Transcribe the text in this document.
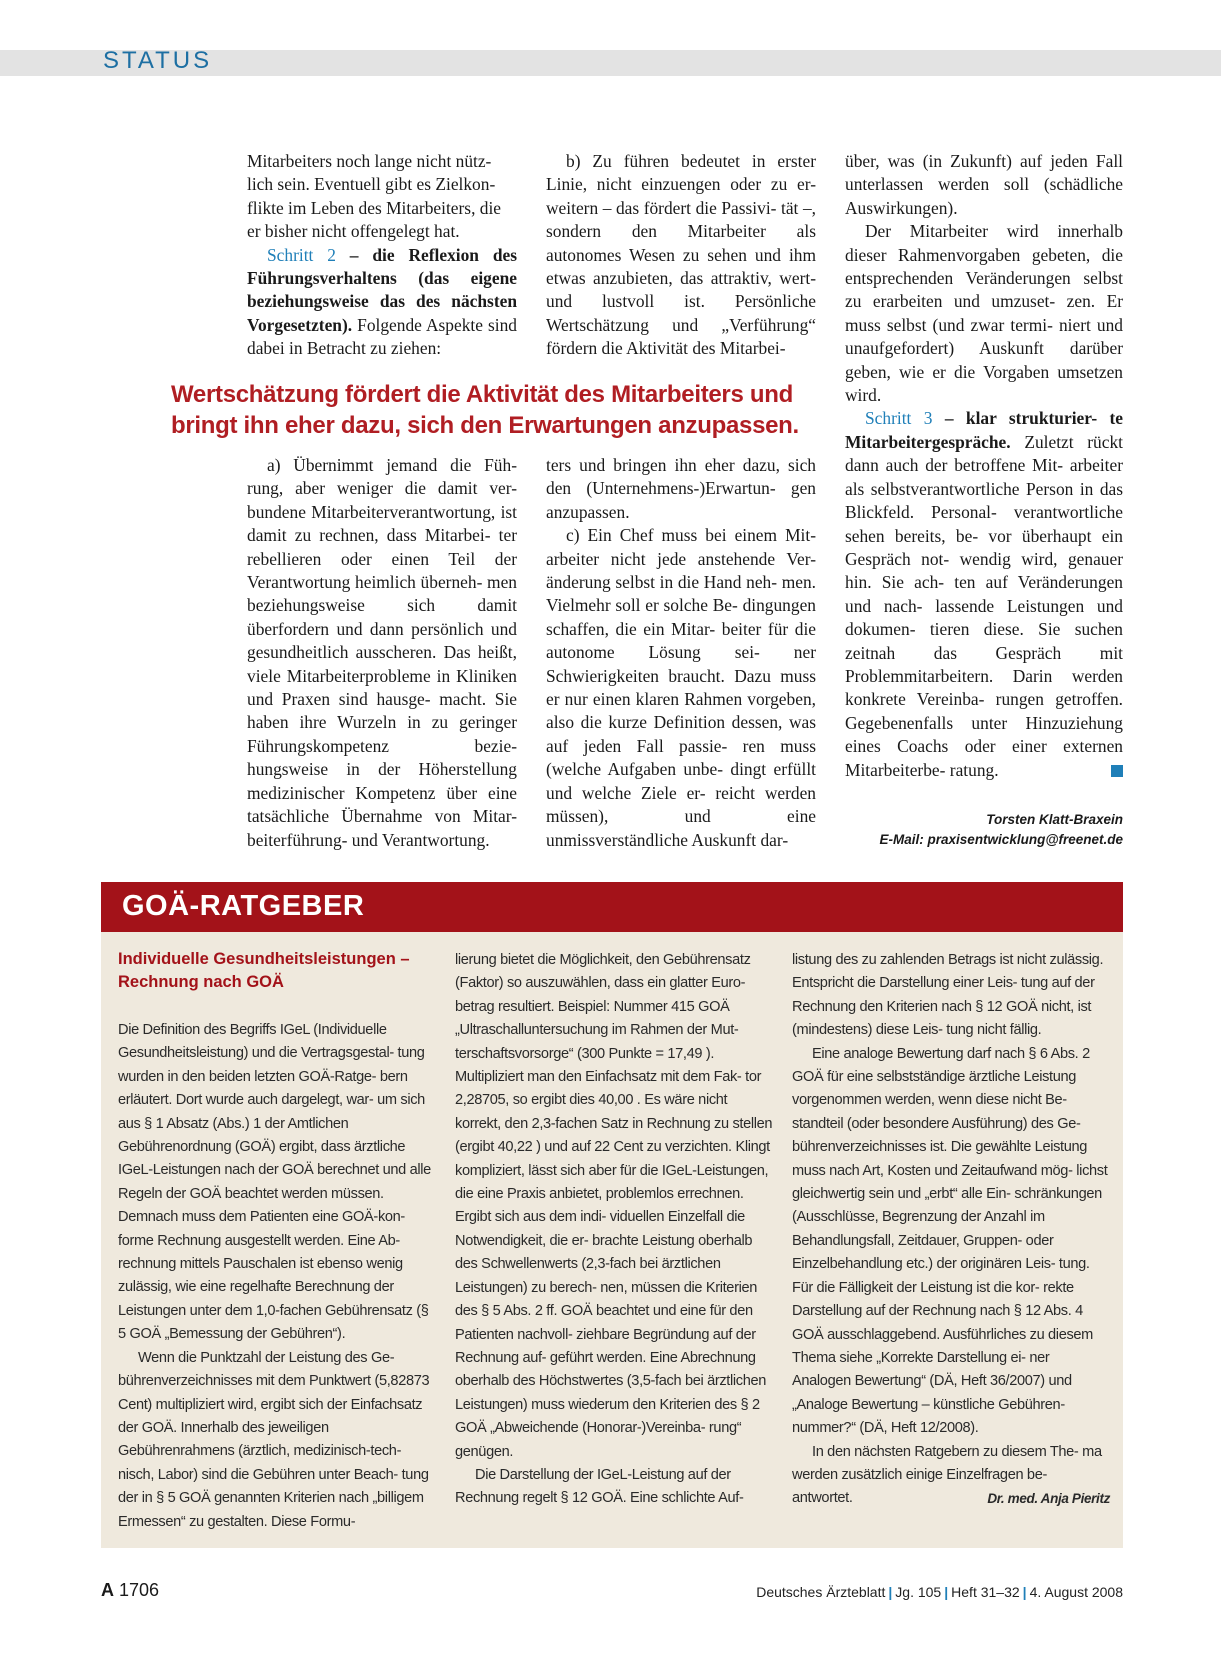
STATUS

Mitarbeiters noch lange nicht nütz-

lich sein. Eventuell gibt es Zielkon-

flikte im Leben des Mitarbeiters, die

er bisher nicht offengelegt hat.

Schritt 2 – die Reflexion des Führungsverhaltens (das eigene beziehungsweise das des nächsten Vorgesetzten). Folgende Aspekte sind dabei in Betracht zu ziehen:

b) Zu führen bedeutet in erster Linie, nicht einzuengen oder zu er- weitern – das fördert die Passivi- tät –, sondern den Mitarbeiter als autonomes Wesen zu sehen und ihm etwas anzubieten, das attraktiv, wert- und lustvoll ist. Persönliche Wertschätzung und „Verführung“ fördern die Aktivität des Mitarbei-

Wertschätzung fördert die Aktivität des Mitarbeiters und
bringt ihn eher dazu, sich den Erwartungen anzupassen.

a) Übernimmt jemand die Füh- rung, aber weniger die damit ver- bundene Mitarbeiterverantwortung, ist damit zu rechnen, dass Mitarbei- ter rebellieren oder einen Teil der Verantwortung heimlich überneh- men beziehungsweise sich damit überfordern und dann persönlich und gesundheitlich ausscheren. Das heißt, viele Mitarbeiterprobleme in Kliniken und Praxen sind hausge- macht. Sie haben ihre Wurzeln in zu geringer Führungskompetenz bezie- hungsweise in der Höherstellung medizinischer Kompetenz über eine tatsächliche Übernahme von Mitar- beiterführung- und Verantwortung.

ters und bringen ihn eher dazu, sich den (Unternehmens-)Erwartun- gen anzupassen.

c) Ein Chef muss bei einem Mit- arbeiter nicht jede anstehende Ver- änderung selbst in die Hand neh- men. Vielmehr soll er solche Be- dingungen schaffen, die ein Mitar- beiter für die autonome Lösung sei- ner Schwierigkeiten braucht. Dazu muss er nur einen klaren Rahmen vorgeben, also die kurze Definition dessen, was auf jeden Fall passie- ren muss (welche Aufgaben unbe- dingt erfüllt und welche Ziele er- reicht werden müssen), und eine unmissverständliche Auskunft dar-

über, was (in Zukunft) auf jeden Fall unterlassen werden soll (schädliche Auswirkungen).

Der Mitarbeiter wird innerhalb dieser Rahmenvorgaben gebeten, die entsprechenden Veränderungen selbst zu erarbeiten und umzuset- zen. Er muss selbst (und zwar termi- niert und unaufgefordert) Auskunft darüber geben, wie er die Vorgaben umsetzen wird.

Schritt 3 – klar strukturier- te Mitarbeitergespräche. Zuletzt rückt dann auch der betroffene Mit- arbeiter als selbstverantwortliche Person in das Blickfeld. Personal- verantwortliche sehen bereits, be- vor überhaupt ein Gespräch not- wendig wird, genauer hin. Sie ach- ten auf Veränderungen und nach- lassende Leistungen und dokumen- tieren diese. Sie suchen zeitnah das Gespräch mit Problemmitarbeitern. Darin werden konkrete Vereinba- rungen getroffen. Gegebenenfalls unter Hinzuziehung eines Coachs oder einer externen Mitarbeiterbe- ratung.

Torsten Klatt-Braxein
E-Mail: praxisentwicklung@freenet.de
GOÄ-RATGEBER
Individuelle Gesundheitsleistungen –
Rechnung nach GOÄ

Die Definition des Begriffs IGeL (Individuelle Gesundheitsleistung) und die Vertragsgestal- tung wurden in den beiden letzten GOÄ-Ratge- bern erläutert. Dort wurde auch dargelegt, war- um sich aus § 1 Absatz (Abs.) 1 der Amtlichen Gebührenordnung (GOÄ) ergibt, dass ärztliche IGeL-Leistungen nach der GOÄ berechnet und alle Regeln der GOÄ beachtet werden müssen. Demnach muss dem Patienten eine GOÄ-kon- forme Rechnung ausgestellt werden. Eine Ab- rechnung mittels Pauschalen ist ebenso wenig zulässig, wie eine regelhafte Berechnung der Leistungen unter dem 1,0-fachen Gebührensatz (§ 5 GOÄ „Bemessung der Gebühren“).

Wenn die Punktzahl der Leistung des Ge- bührenverzeichnisses mit dem Punktwert (5,82873 Cent) multipliziert wird, ergibt sich der Einfachsatz der GOÄ. Innerhalb des jeweiligen Gebührenrahmens (ärztlich, medizinisch-tech- nisch, Labor) sind die Gebühren unter Beach- tung der in § 5 GOÄ genannten Kriterien nach „billigem Ermessen“ zu gestalten. Diese Formu-

lierung bietet die Möglichkeit, den Gebührensatz (Faktor) so auszuwählen, dass ein glatter Euro- betrag resultiert. Beispiel: Nummer 415 GOÄ „Ultraschalluntersuchung im Rahmen der Mut- terschaftsvorsorge“ (300 Punkte = 17,49 ). Multipliziert man den Einfachsatz mit dem Fak- tor 2,28705, so ergibt dies 40,00 . Es wäre nicht korrekt, den 2,3-fachen Satz in Rechnung zu stellen (ergibt 40,22 ) und auf 22 Cent zu verzichten. Klingt kompliziert, lässt sich aber für die IGeL-Leistungen, die eine Praxis anbietet, problemlos errechnen. Ergibt sich aus dem indi- viduellen Einzelfall die Notwendigkeit, die er- brachte Leistung oberhalb des Schwellenwerts (2,3-fach bei ärztlichen Leistungen) zu berech- nen, müssen die Kriterien des § 5 Abs. 2 ff. GOÄ beachtet und eine für den Patienten nachvoll- ziehbare Begründung auf der Rechnung auf- geführt werden. Eine Abrechnung oberhalb des Höchstwertes (3,5-fach bei ärztlichen Leistungen) muss wiederum den Kriterien des § 2 GOÄ „Abweichende (Honorar-)Vereinba- rung“ genügen.

Die Darstellung der IGeL-Leistung auf der Rechnung regelt § 12 GOÄ. Eine schlichte Auf-

listung des zu zahlenden Betrags ist nicht zulässig. Entspricht die Darstellung einer Leis- tung auf der Rechnung den Kriterien nach § 12 GOÄ nicht, ist (mindestens) diese Leis- tung nicht fällig.

Eine analoge Bewertung darf nach § 6 Abs. 2 GOÄ für eine selbstständige ärztliche Leistung vorgenommen werden, wenn diese nicht Be- standteil (oder besondere Ausführung) des Ge- bührenverzeichnisses ist. Die gewählte Leistung muss nach Art, Kosten und Zeitaufwand mög- lichst gleichwertig sein und „erbt“ alle Ein- schränkungen (Ausschlüsse, Begrenzung der Anzahl im Behandlungsfall, Zeitdauer, Gruppen- oder Einzelbehandlung etc.) der originären Leis- tung. Für die Fälligkeit der Leistung ist die kor- rekte Darstellung auf der Rechnung nach § 12 Abs. 4 GOÄ ausschlaggebend. Ausführliches zu diesem Thema siehe „Korrekte Darstellung ei- ner Analogen Bewertung“ (DÄ, Heft 36/2007) und „Analoge Bewertung – künstliche Gebühren- nummer?“ (DÄ, Heft 12/2008).

In den nächsten Ratgebern zu diesem The- ma werden zusätzlich einige Einzelfragen be- antwortet.	Dr. med. Anja Pieritz

A 1706	Deutsches Ärzteblatt | Jg. 105 | Heft 31–32 | 4. August 2008
